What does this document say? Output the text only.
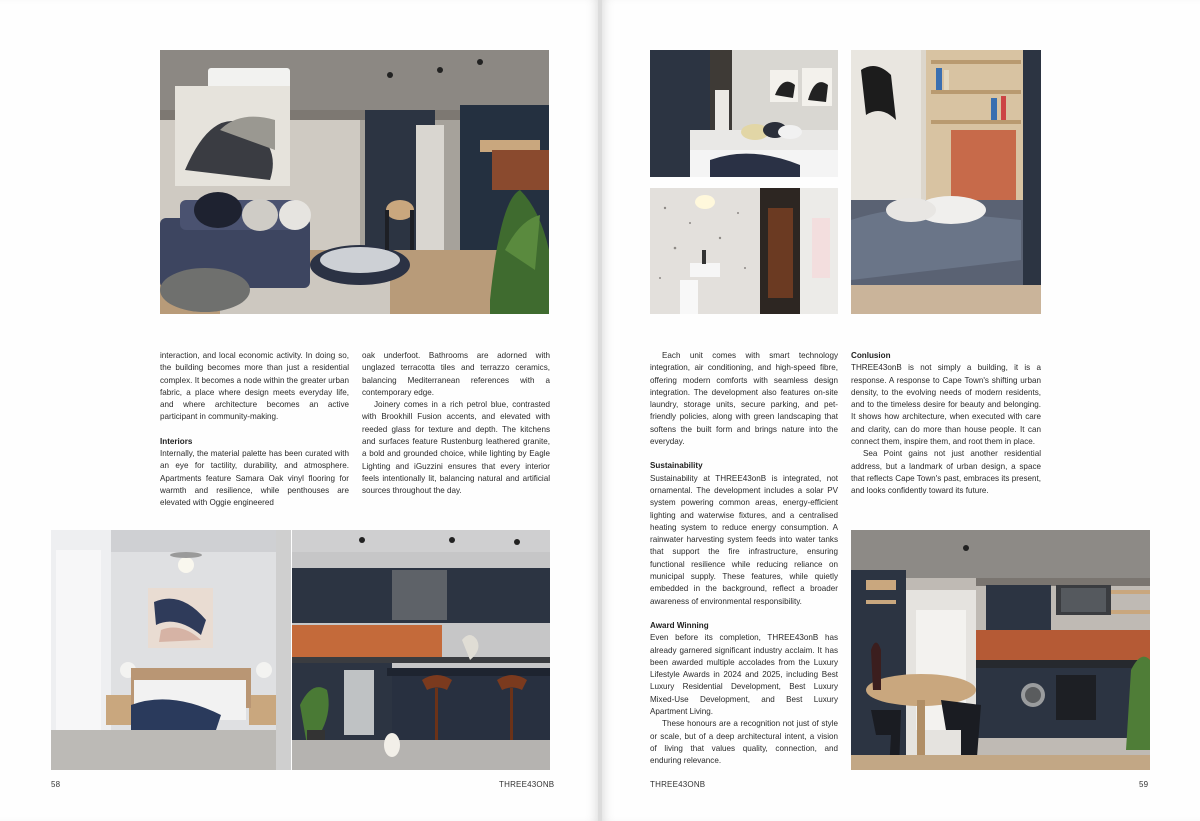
interaction, and local economic activity. In doing so, the building becomes more than just a residential complex. It becomes a node within the greater urban fabric, a place where design meets everyday life, and where architecture becomes an active participant in community-making.

Interiors

Internally, the material palette has been curated with an eye for tactility, durability, and atmosphere. Apartments feature Samara Oak vinyl flooring for warmth and resilience, while penthouses are elevated with Oggie engineered

oak underfoot. Bathrooms are adorned with unglazed terracotta tiles and terrazzo ceramics, balancing Mediterranean references with a contemporary edge.

Joinery comes in a rich petrol blue, contrasted with Brookhill Fusion accents, and elevated with reeded glass for texture and depth. The kitchens and surfaces feature Rustenburg leathered granite, a bold and grounded choice, while lighting by Eagle Lighting and iGuzzini ensures that every interior feels intentionally lit, balancing natural and artificial sources throughout the day.

58	THREE43ONB

Each unit comes with smart technology integration, air conditioning, and high-speed fibre, offering modern comforts with seamless design integration. The development also features on-site laundry, storage units, secure parking, and pet-friendly policies, along with green landscaping that softens the built form and brings nature into the everyday.

Sustainability

Sustainability at THREE43onB is integrated, not ornamental. The development includes a solar PV system powering common areas, energy-efficient lighting and waterwise fixtures, and a centralised heating system to reduce energy consumption. A rainwater harvesting system feeds into water tanks that support the fire infrastructure, ensuring functional resilience while reducing reliance on municipal supply. These features, while quietly embedded in the background, reflect a broader awareness of environmental responsibility.

Award Winning

Even before its completion, THREE43onB has already garnered significant industry acclaim. It has been awarded multiple accolades from the Luxury Lifestyle Awards in 2024 and 2025, including Best Luxury Residential Development, Best Luxury Mixed-Use Development, and Best Luxury Apartment Living.

These honours are a recognition not just of style or scale, but of a deep architectural intent, a vision of living that values quality, connection, and enduring relevance.

Conlusion

THREE43onB is not simply a building, it is a response. A response to Cape Town's shifting urban density, to the evolving needs of modern residents, and to the timeless desire for beauty and belonging. It shows how architecture, when executed with care and clarity, can do more than house people. It can connect them, inspire them, and root them in place.

Sea Point gains not just another residential address, but a landmark of urban design, a space that reflects Cape Town's past, embraces its present, and looks confidently toward its future.

THREE43ONB	59
